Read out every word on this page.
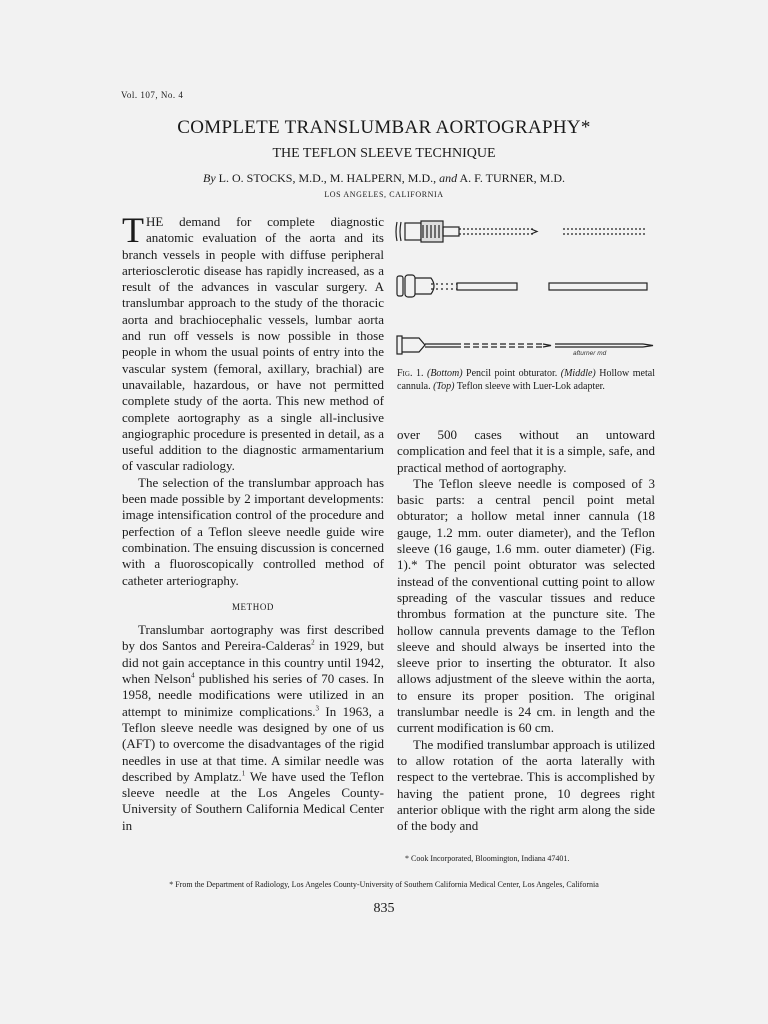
Vol. 107, No. 4
COMPLETE TRANSLUMBAR AORTOGRAPHY*
THE TEFLON SLEEVE TECHNIQUE
By L. O. STOCKS, M.D., M. HALPERN, M.D., and A. F. TURNER, M.D.
LOS ANGELES, CALIFORNIA

THE demand for complete diagnostic anatomic evaluation of the aorta and its branch vessels in people with diffuse peripheral arteriosclerotic disease has rapidly increased, as a result of the advances in vascular surgery. A translumbar approach to the study of the thoracic aorta and brachiocephalic vessels, lumbar aorta and run off vessels is now possible in those people in whom the usual points of entry into the vascular system (femoral, axillary, brachial) are unavailable, hazardous, or have not permitted complete study of the aorta. This new method of complete aortography as a single all-inclusive angiographic procedure is presented in detail, as a useful addition to the diagnostic armamentarium of vascular radiology.

The selection of the translumbar approach has been made possible by 2 important developments: image intensification control of the procedure and perfection of a Teflon sleeve needle guide wire combination. The ensuing discussion is concerned with a fluoroscopically controlled method of catheter arteriography.

METHOD

Translumbar aortography was first described by dos Santos and Pereira-Calderas$^2$ in 1929, but did not gain acceptance in this country until 1942, when Nelson$^4$ published his series of 70 cases. In 1958, needle modifications were utilized in an attempt to minimize complications.$^3$ In 1963, a Teflon sleeve needle was designed by one of us (AFT) to overcome the disadvantages of the rigid needles in use at that time. A similar needle was described by Amplatz.$^1$ We have used the Teflon sleeve needle at the Los Angeles County-University of Southern California Medical Center in

afturner md
Fig. 1. (Bottom) Pencil point obturator. (Middle) Hollow metal cannula. (Top) Teflon sleeve with Luer-Lok adapter.

over 500 cases without an untoward complication and feel that it is a simple, safe, and practical method of aortography.

The Teflon sleeve needle is composed of 3 basic parts: a central pencil point metal obturator; a hollow metal inner cannula (18 gauge, 1.2 mm. outer diameter), and the Teflon sleeve (16 gauge, 1.6 mm. outer diameter) (Fig. 1).* The pencil point obturator was selected instead of the conventional cutting point to allow spreading of the vascular tissues and reduce thrombus formation at the puncture site. The hollow cannula prevents damage to the Teflon sleeve and should always be inserted into the sleeve prior to inserting the obturator. It also allows adjustment of the sleeve within the aorta, to ensure its proper position. The original translumbar needle is 24 cm. in length and the current modification is 60 cm.

The modified translumbar approach is utilized to allow rotation of the aorta laterally with respect to the vertebrae. This is accomplished by having the patient prone, 10 degrees right anterior oblique with the right arm along the side of the body and

* Cook Incorporated, Bloomington, Indiana 47401.
* From the Department of Radiology, Los Angeles County-University of Southern California Medical Center, Los Angeles, California
835
